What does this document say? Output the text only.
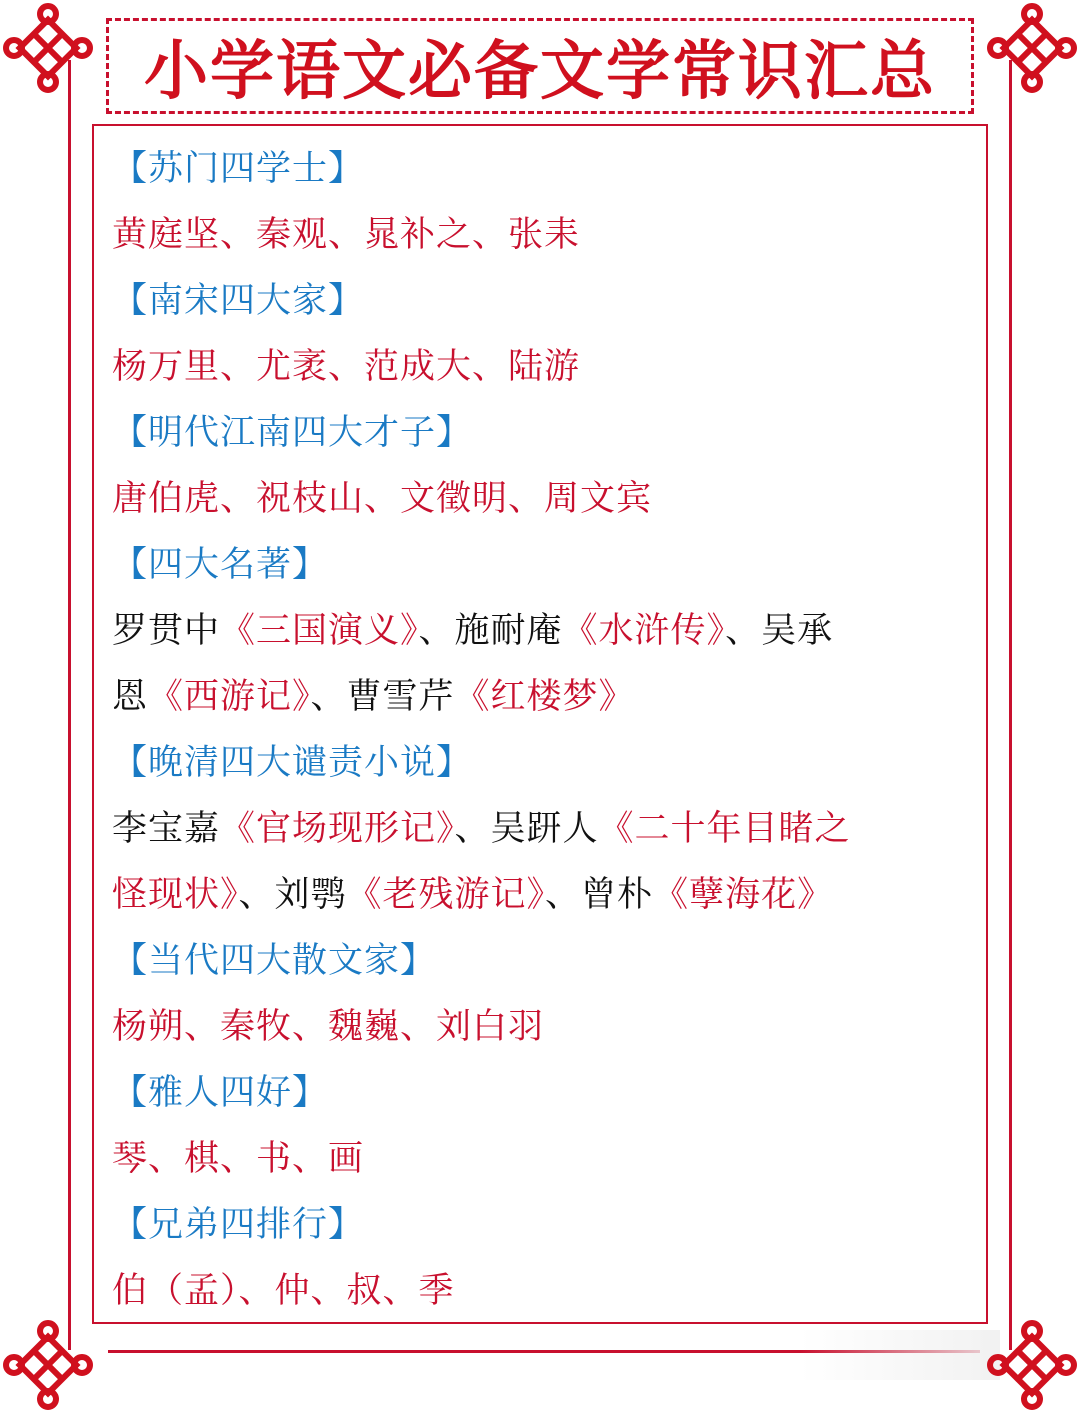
小学语文必备文学常识汇总
【苏门四学士】
黄庭坚、秦观、晁补之、张耒
【南宋四大家】
杨万里、尤袤、范成大、陆游
【明代江南四大才子】
唐伯虎、祝枝山、文徵明、周文宾
【四大名著】
罗贯中《三国演义》、施耐庵《水浒传》、吴承
恩《西游记》、曹雪芹《红楼梦》
【晚清四大谴责小说】
李宝嘉《官场现形记》、吴趼人《二十年目睹之
怪现状》、刘鹗《老残游记》、曾朴《孽海花》
【当代四大散文家】
杨朔、秦牧、魏巍、刘白羽
【雅人四好】
琴、棋、书、画
【兄弟四排行】
伯（孟）、仲、叔、季
